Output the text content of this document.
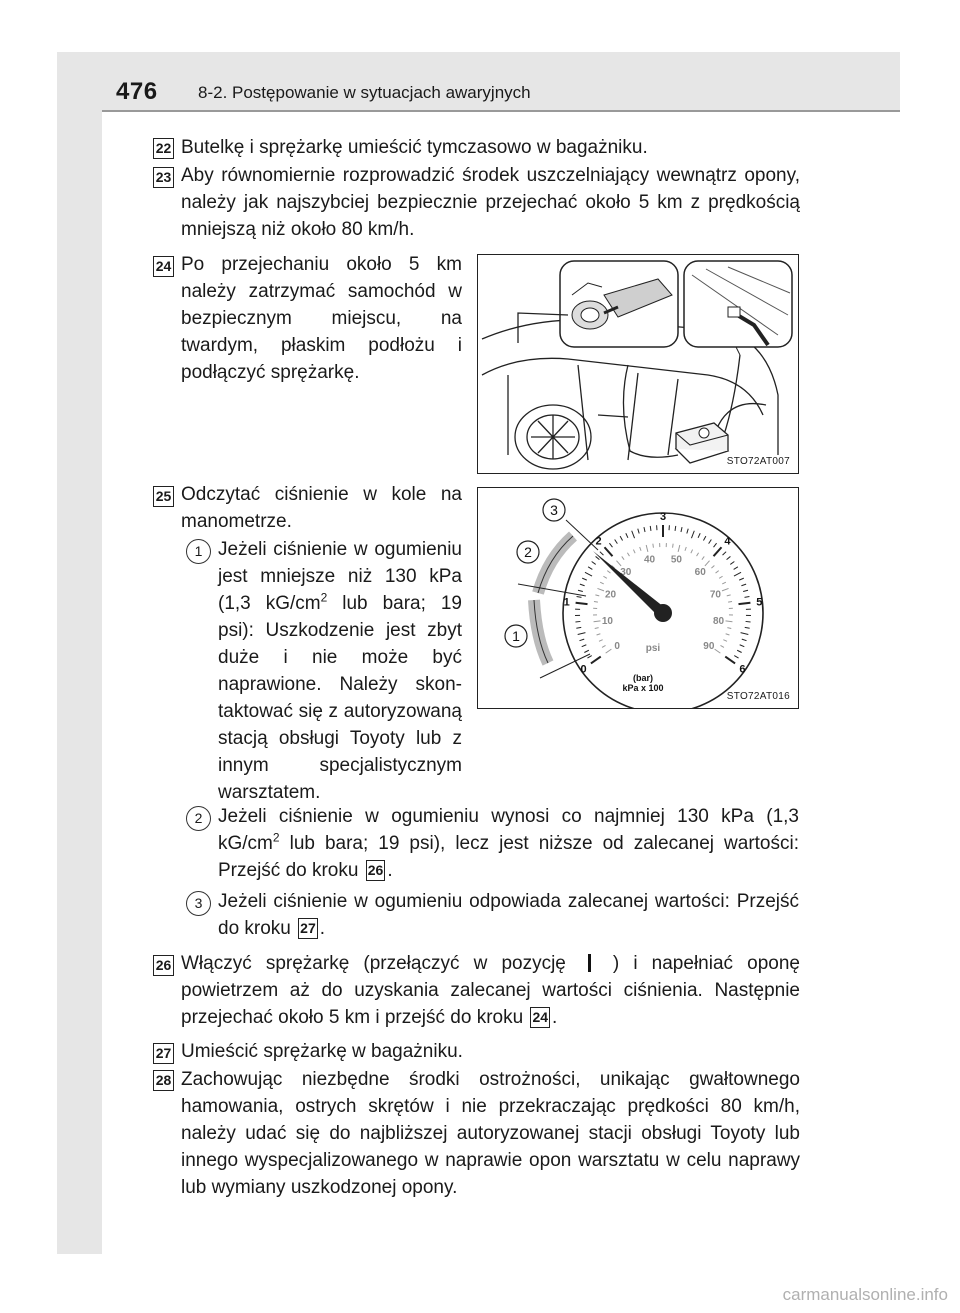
476 8-2. Postępowanie w sytuacjach awaryjnych
22 Butelkę i sprężarkę umieścić tymczasowo w bagażniku.
23 Aby równomiernie rozprowadzić środek uszczelniający wewnątrz opony, należy jak najszybciej bezpiecznie przejechać około 5 km z prędkością mniejszą niż około 80 km/h.
24 Po przejechaniu około 5 km należy zatrzymać samochód w bezpiecznym miejscu, na twardym, płaskim podłożu i podłączyć sprężarkę.
STO72AT007
25 Odczytać ciśnienie w kole na manometrze.
1 Jeżeli ciśnienie w ogumieniu jest mniejsze niż 130 kPa (1,3 $kG/cm^2$ lub bara; 19 psi): Uszkodzenie jest zbyt duże i nie może być naprawione. Należy skontaktować się z autoryzowaną stacją obsługi Toyoty lub z innym specjalistycznym warsztatem.
0
1
2
3
4
5
6
0
10
20
30
40 50
60
70
80
90
psi
(bar)
kPa x 100
1
2
3
STO72AT016
2 Jeżeli ciśnienie w ogumieniu wynosi co najmniej 130 kPa (1,3 $kG/cm^2$ lub bara; 19 psi), lecz jest niższe od zalecanej wartości: Przejść do kroku 26 .
3 Jeżeli ciśnienie w ogumieniu odpowiada zalecanej wartości: Przejść do kroku 27 .
26 Włączyć sprężarkę (przełączyć w pozycję ) i napełniać oponę powietrzem aż do uzyskania zalecanej wartości ciśnienia. Następnie przejechać około 5 km i przejść do kroku 24 .
27 Umieścić sprężarkę w bagażniku.
28 Zachowując niezbędne środki ostrożności, unikając gwałtownego hamowania, ostrych skrętów i nie przekraczając prędkości 80 km/h, należy udać się do najbliższej autoryzowanej stacji obsługi Toyoty lub innego wyspecjalizowanego w naprawie opon warsztatu w celu naprawy lub wymiany uszkodzonej opony.
carmanualsonline.info
